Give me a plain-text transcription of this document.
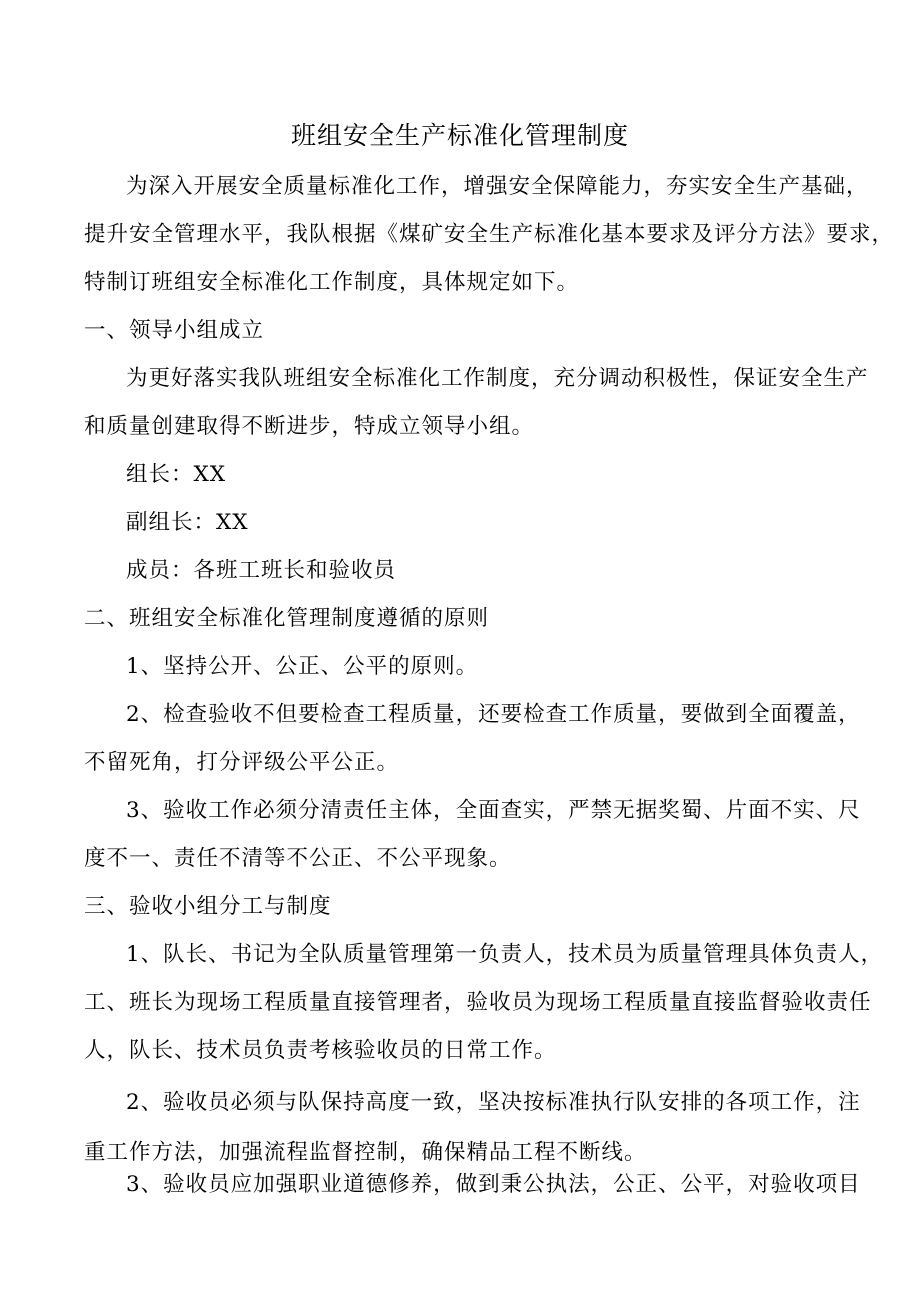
班组安全生产标准化管理制度
为深入开展安全质量标准化工作，增强安全保障能力，夯实安全生产基础，
提升安全管理水平，我队根据《煤矿安全生产标准化基本要求及评分方法》要求，
特制订班组安全标准化工作制度，具体规定如下。
一、领导小组成立
为更好落实我队班组安全标准化工作制度，充分调动积极性，保证安全生产
和质量创建取得不断进步，特成立领导小组。
组长：XX
副组长：XX
成员：各班工班长和验收员
二、班组安全标准化管理制度遵循的原则
1、坚持公开、公正、公平的原则。
2、检查验收不但要检查工程质量，还要检查工作质量，要做到全面覆盖，
不留死角，打分评级公平公正。
3、验收工作必须分清责任主体，全面查实，严禁无据奖蜀、片面不实、尺
度不一、责任不清等不公正、不公平现象。
三、验收小组分工与制度
1、队长、书记为全队质量管理第一负责人，技术员为质量管理具体负责人，
工、班长为现场工程质量直接管理者，验收员为现场工程质量直接监督验收责任
人，队长、技术员负责考核验收员的日常工作。
2、验收员必须与队保持高度一致，坚决按标准执行队安排的各项工作，注
重工作方法，加强流程监督控制，确保精品工程不断线。
3、验收员应加强职业道德修养，做到秉公执法，公正、公平，对验收项目
